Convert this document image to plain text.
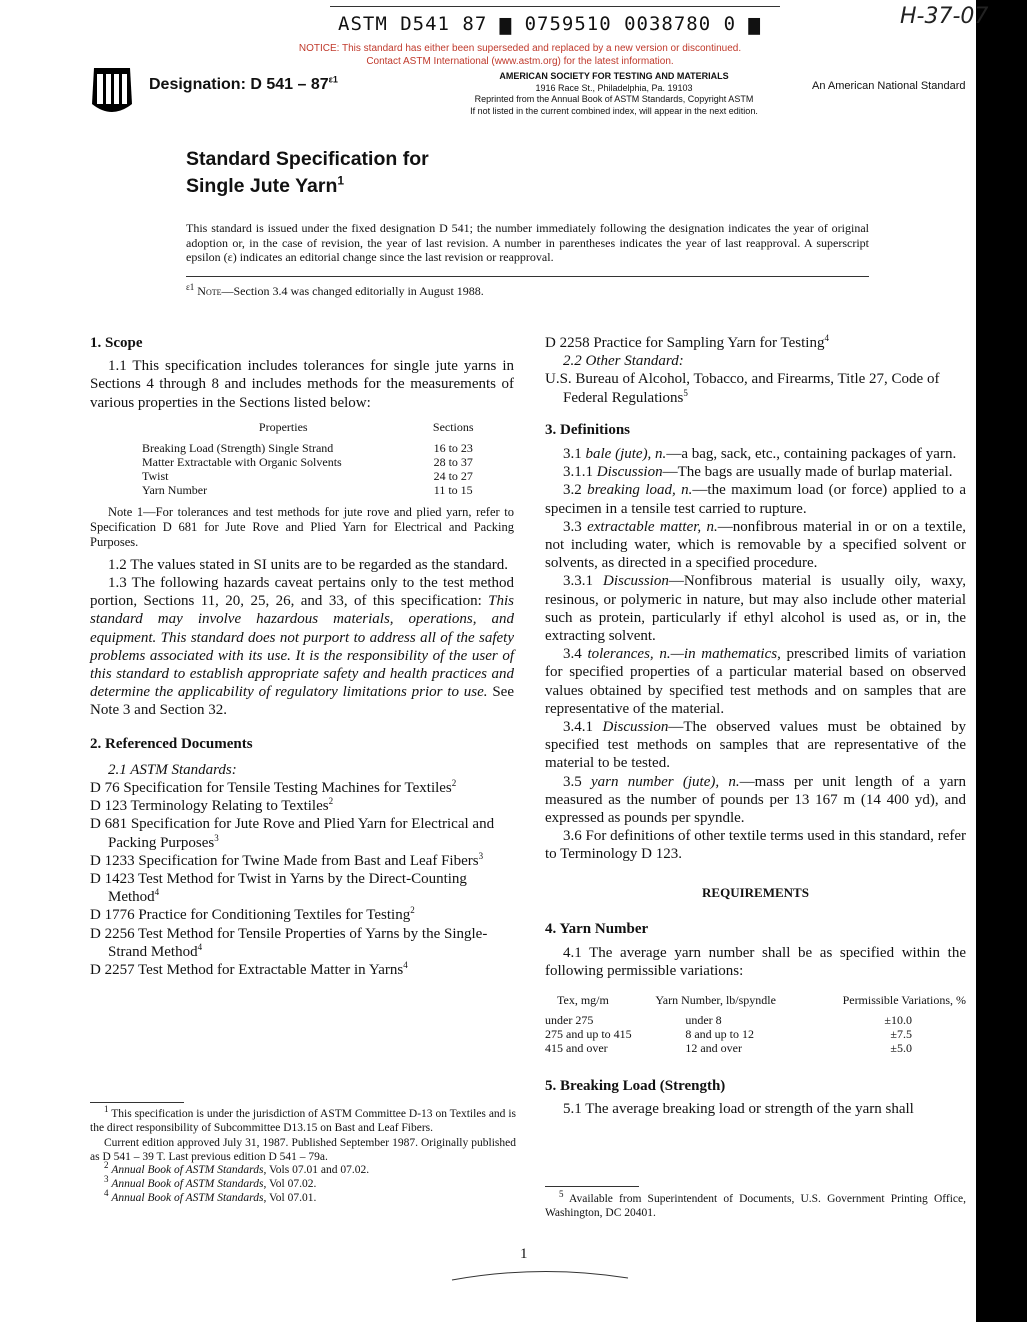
ASTM D541 87 ▆ 0759510 0038780 0 ▆	H-37-07
NOTICE: This standard has either been superseded and replaced by a new version or discontinued.
Contact ASTM International (www.astm.org) for the latest information.
Designation: D $541 - 87^{\varepsilon 1}$	AMERICAN SOCIETY FOR TESTING AND MATERIALS
1916 Race St., Philadelphia, Pa. 19103
Reprinted from the Annual Book of ASTM Standards, Copyright ASTM
If not listed in the current combined index, will appear in the next edition.
An American National Standard
Standard Specification for
Single Jute Yarn$^1$
This standard is issued under the fixed designation D 541; the number immediately following the designation indicates the year of original adoption or, in the case of revision, the year of last revision. A number in parentheses indicates the year of last reapproval. A superscript epsilon (ε) indicates an editorial change since the last revision or reapproval.
$^{\varepsilon 1}$ Note—Section 3.4 was changed editorially in August 1988.
1. Scope

1.1 This specification includes tolerances for single jute yarns in Sections 4 through 8 and includes methods for the measurements of various properties in the Sections listed below:

Properties	Sections
Breaking Load (Strength) Single Strand	16 to 23
Matter Extractable with Organic Solvents	28 to 37
Twist	24 to 27
Yarn Number	11 to 15

Note 1—For tolerances and test methods for jute rove and plied yarn, refer to Specification D 681 for Jute Rove and Plied Yarn for Electrical and Packing Purposes.

1.2 The values stated in SI units are to be regarded as the standard.

1.3 The following hazards caveat pertains only to the test method portion, Sections 11, 20, 25, 26, and 33, of this specification: This standard may involve hazardous materials, operations, and equipment. This standard does not purport to address all of the safety problems associated with its use. It is the responsibility of the user of this standard to establish appropriate safety and health practices and determine the applicability of regulatory limitations prior to use. See Note 3 and Section 32.

2. Referenced Documents

2.1 ASTM Standards:

D 76 Specification for Tensile Testing Machines for Textiles$^2$

D 123 Terminology Relating to Textiles$^2$

D 681 Specification for Jute Rove and Plied Yarn for Electrical and Packing Purposes$^3$

D 1233 Specification for Twine Made from Bast and Leaf Fibers$^3$

D 1423 Test Method for Twist in Yarns by the Direct-Counting Method$^4$

D 1776 Practice for Conditioning Textiles for Testing$^2$

D 2256 Test Method for Tensile Properties of Yarns by the Single-Strand Method$^4$

D 2257 Test Method for Extractable Matter in Yarns$^4$

$^1$ This specification is under the jurisdiction of ASTM Committee D-13 on Textiles and is the direct responsibility of Subcommittee D13.15 on Bast and Leaf Fibers.

Current edition approved July 31, 1987. Published September 1987. Originally published as D 541 – 39 T. Last previous edition D 541 – 79a.

$^2$ Annual Book of ASTM Standards, Vols 07.01 and 07.02.

$^3$ Annual Book of ASTM Standards, Vol 07.02.

$^4$ Annual Book of ASTM Standards, Vol 07.01.

D 2258 Practice for Sampling Yarn for Testing$^4$

2.2 Other Standard:

U.S. Bureau of Alcohol, Tobacco, and Firearms, Title 27, Code of Federal Regulations$^5$

3. Definitions

3.1 bale (jute), n.—a bag, sack, etc., containing packages of yarn.

3.1.1 Discussion—The bags are usually made of burlap material.

3.2 breaking load, n.—the maximum load (or force) applied to a specimen in a tensile test carried to rupture.

3.3 extractable matter, n.—nonfibrous material in or on a textile, not including water, which is removable by a specified solvent or solvents, as directed in a specified procedure.

3.3.1 Discussion—Nonfibrous material is usually oily, waxy, resinous, or polymeric in nature, but may also include other material such as protein, particularly if ethyl alcohol is used as, or in, the extracting solvent.

3.4 tolerances, n.—in mathematics, prescribed limits of variation for specified properties of a particular material based on observed values obtained by specified test methods and on samples that are representative of the material.

3.4.1 Discussion—The observed values must be obtained by specified test methods on samples that are representative of the material to be tested.

3.5 yarn number (jute), n.—mass per unit length of a yarn measured as the number of pounds per 13 167 m (14 400 yd), and expressed as pounds per spyndle.

3.6 For definitions of other textile terms used in this standard, refer to Terminology D 123.

REQUIREMENTS

4. Yarn Number

4.1 The average yarn number shall be as specified within the following permissible variations:

Tex, mg/m	Yarn Number, lb/spyndle	Permissible Variations, %
under 275	under 8	±10.0
275 and up to 415	8 and up to 12	±7.5
415 and over	12 and over	±5.0
5. Breaking Load (Strength)

5.1 The average breaking load or strength of the yarn shall

$^5$ Available from Superintendent of Documents, U.S. Government Printing Office, Washington, DC 20401.

1
